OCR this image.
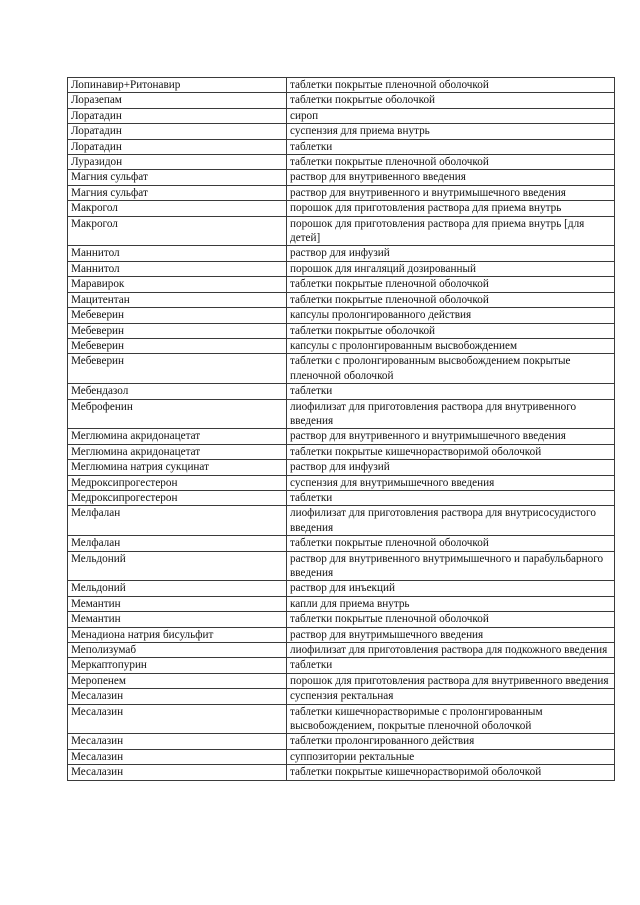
Лопинавир+Ритонавир	таблетки покрытые пленочной оболочкой
Лоразепам	таблетки покрытые оболочкой
Лоратадин	сироп
Лоратадин	суспензия для приема внутрь
Лоратадин	таблетки
Луразидон	таблетки покрытые пленочной оболочкой
Магния сульфат	раствор для внутривенного введения
Магния сульфат	раствор для внутривенного и внутримышечного введения
Макрогол	порошок для приготовления раствора для приема внутрь
Макрогол	порошок для приготовления раствора для приема внутрь [для детей]
Маннитол	раствор для инфузий
Маннитол	порошок для ингаляций дозированный
Маравирок	таблетки покрытые пленочной оболочкой
Мацитентан	таблетки покрытые пленочной оболочкой
Мебеверин	капсулы пролонгированного действия
Мебеверин	таблетки покрытые оболочкой
Мебеверин	капсулы с пролонгированным высвобождением
Мебеверин	таблетки с пролонгированным высвобождением покрытые пленочной оболочкой
Мебендазол	таблетки
Меброфенин	лиофилизат для приготовления раствора для внутривенного введения
Меглюмина акридонацетат	раствор для внутривенного и внутримышечного введения
Меглюмина акридонацетат	таблетки покрытые кишечнорастворимой оболочкой
Меглюмина натрия сукцинат	раствор для инфузий
Медроксипрогестерон	суспензия для внутримышечного введения
Медроксипрогестерон	таблетки
Мелфалан	лиофилизат для приготовления раствора для внутрисосудистого введения
Мелфалан	таблетки покрытые пленочной оболочкой
Мельдоний	раствор для внутривенного внутримышечного и парабульбарного введения
Мельдоний	раствор для инъекций
Мемантин	капли для приема внутрь
Мемантин	таблетки покрытые пленочной оболочкой
Менадиона натрия бисульфит	раствор для внутримышечного введения
Меполизумаб	лиофилизат для приготовления раствора для подкожного введения
Меркаптопурин	таблетки
Меропенем	порошок для приготовления раствора для внутривенного введения
Месалазин	суспензия ректальная
Месалазин	таблетки кишечнорастворимые с пролонгированным высвобождением, покрытые пленочной оболочкой
Месалазин	таблетки пролонгированного действия
Месалазин	суппозитории ректальные
Месалазин	таблетки покрытые кишечнорастворимой оболочкой
